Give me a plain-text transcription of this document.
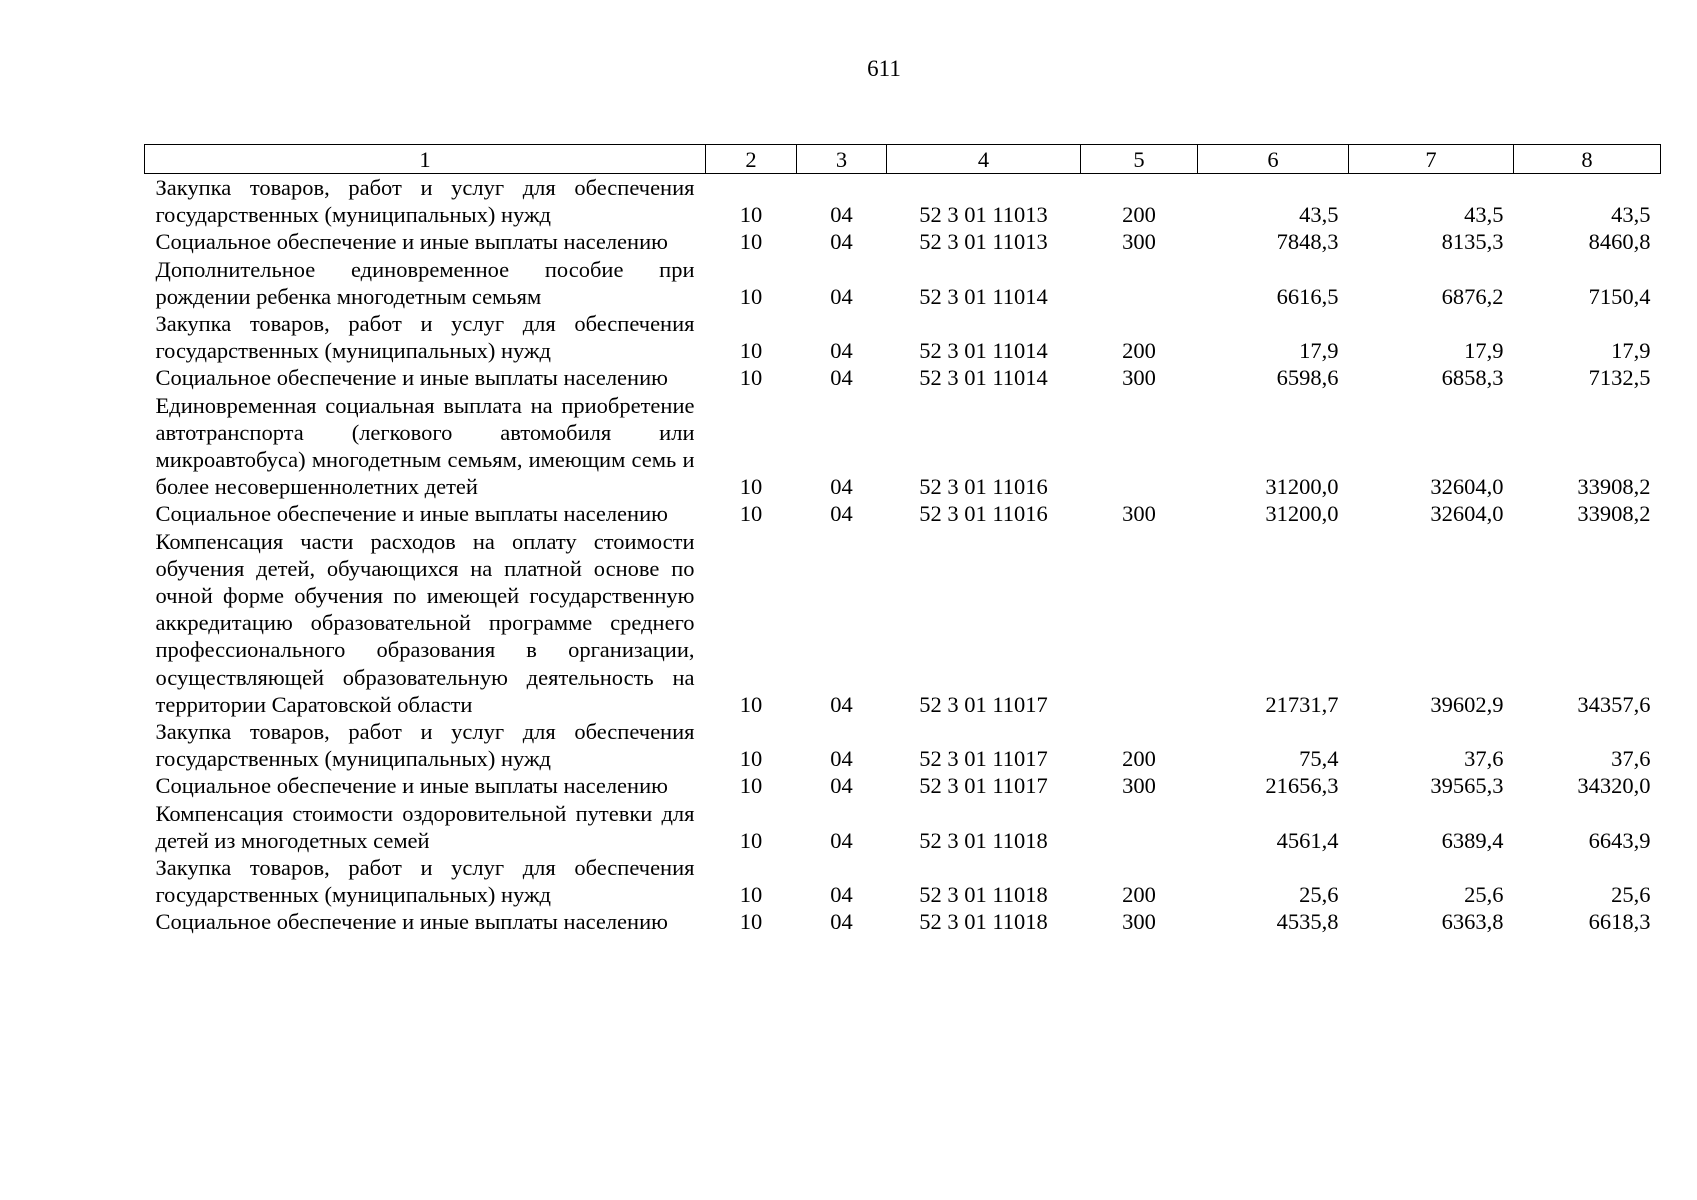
611
1	2	3	4	5	6	7	8
Закупка товаров, работ и услуг для обеспечения государственных (муниципальных) нужд	10	04	52 3 01 11013	200	43,5	43,5	43,5
Социальное обеспечение и иные выплаты населению	10	04	52 3 01 11013	300	7848,3	8135,3	8460,8
Дополнительное единовременное пособие при рождении ребенка многодетным семьям	10	04	52 3 01 11014		6616,5	6876,2	7150,4
Закупка товаров, работ и услуг для обеспечения государственных (муниципальных) нужд	10	04	52 3 01 11014	200	17,9	17,9	17,9
Социальное обеспечение и иные выплаты населению	10	04	52 3 01 11014	300	6598,6	6858,3	7132,5
Единовременная социальная выплата на приобретение автотранспорта (легкового автомобиля или микроавтобуса) многодетным семьям, имеющим семь и более несовершеннолетних детей	10	04	52 3 01 11016		31200,0	32604,0	33908,2
Социальное обеспечение и иные выплаты населению	10	04	52 3 01 11016	300	31200,0	32604,0	33908,2
Компенсация части расходов на оплату стоимости обучения детей, обучающихся на платной основе по очной форме обучения по имеющей государственную аккредитацию образовательной программе среднего профессионального образования в организации, осуществляющей образовательную деятельность на территории Саратовской области	10	04	52 3 01 11017		21731,7	39602,9	34357,6
Закупка товаров, работ и услуг для обеспечения государственных (муниципальных) нужд	10	04	52 3 01 11017	200	75,4	37,6	37,6
Социальное обеспечение и иные выплаты населению	10	04	52 3 01 11017	300	21656,3	39565,3	34320,0
Компенсация стоимости оздоровительной путевки для детей из многодетных семей	10	04	52 3 01 11018		4561,4	6389,4	6643,9
Закупка товаров, работ и услуг для обеспечения государственных (муниципальных) нужд	10	04	52 3 01 11018	200	25,6	25,6	25,6
Социальное обеспечение и иные выплаты населению	10	04	52 3 01 11018	300	4535,8	6363,8	6618,3
